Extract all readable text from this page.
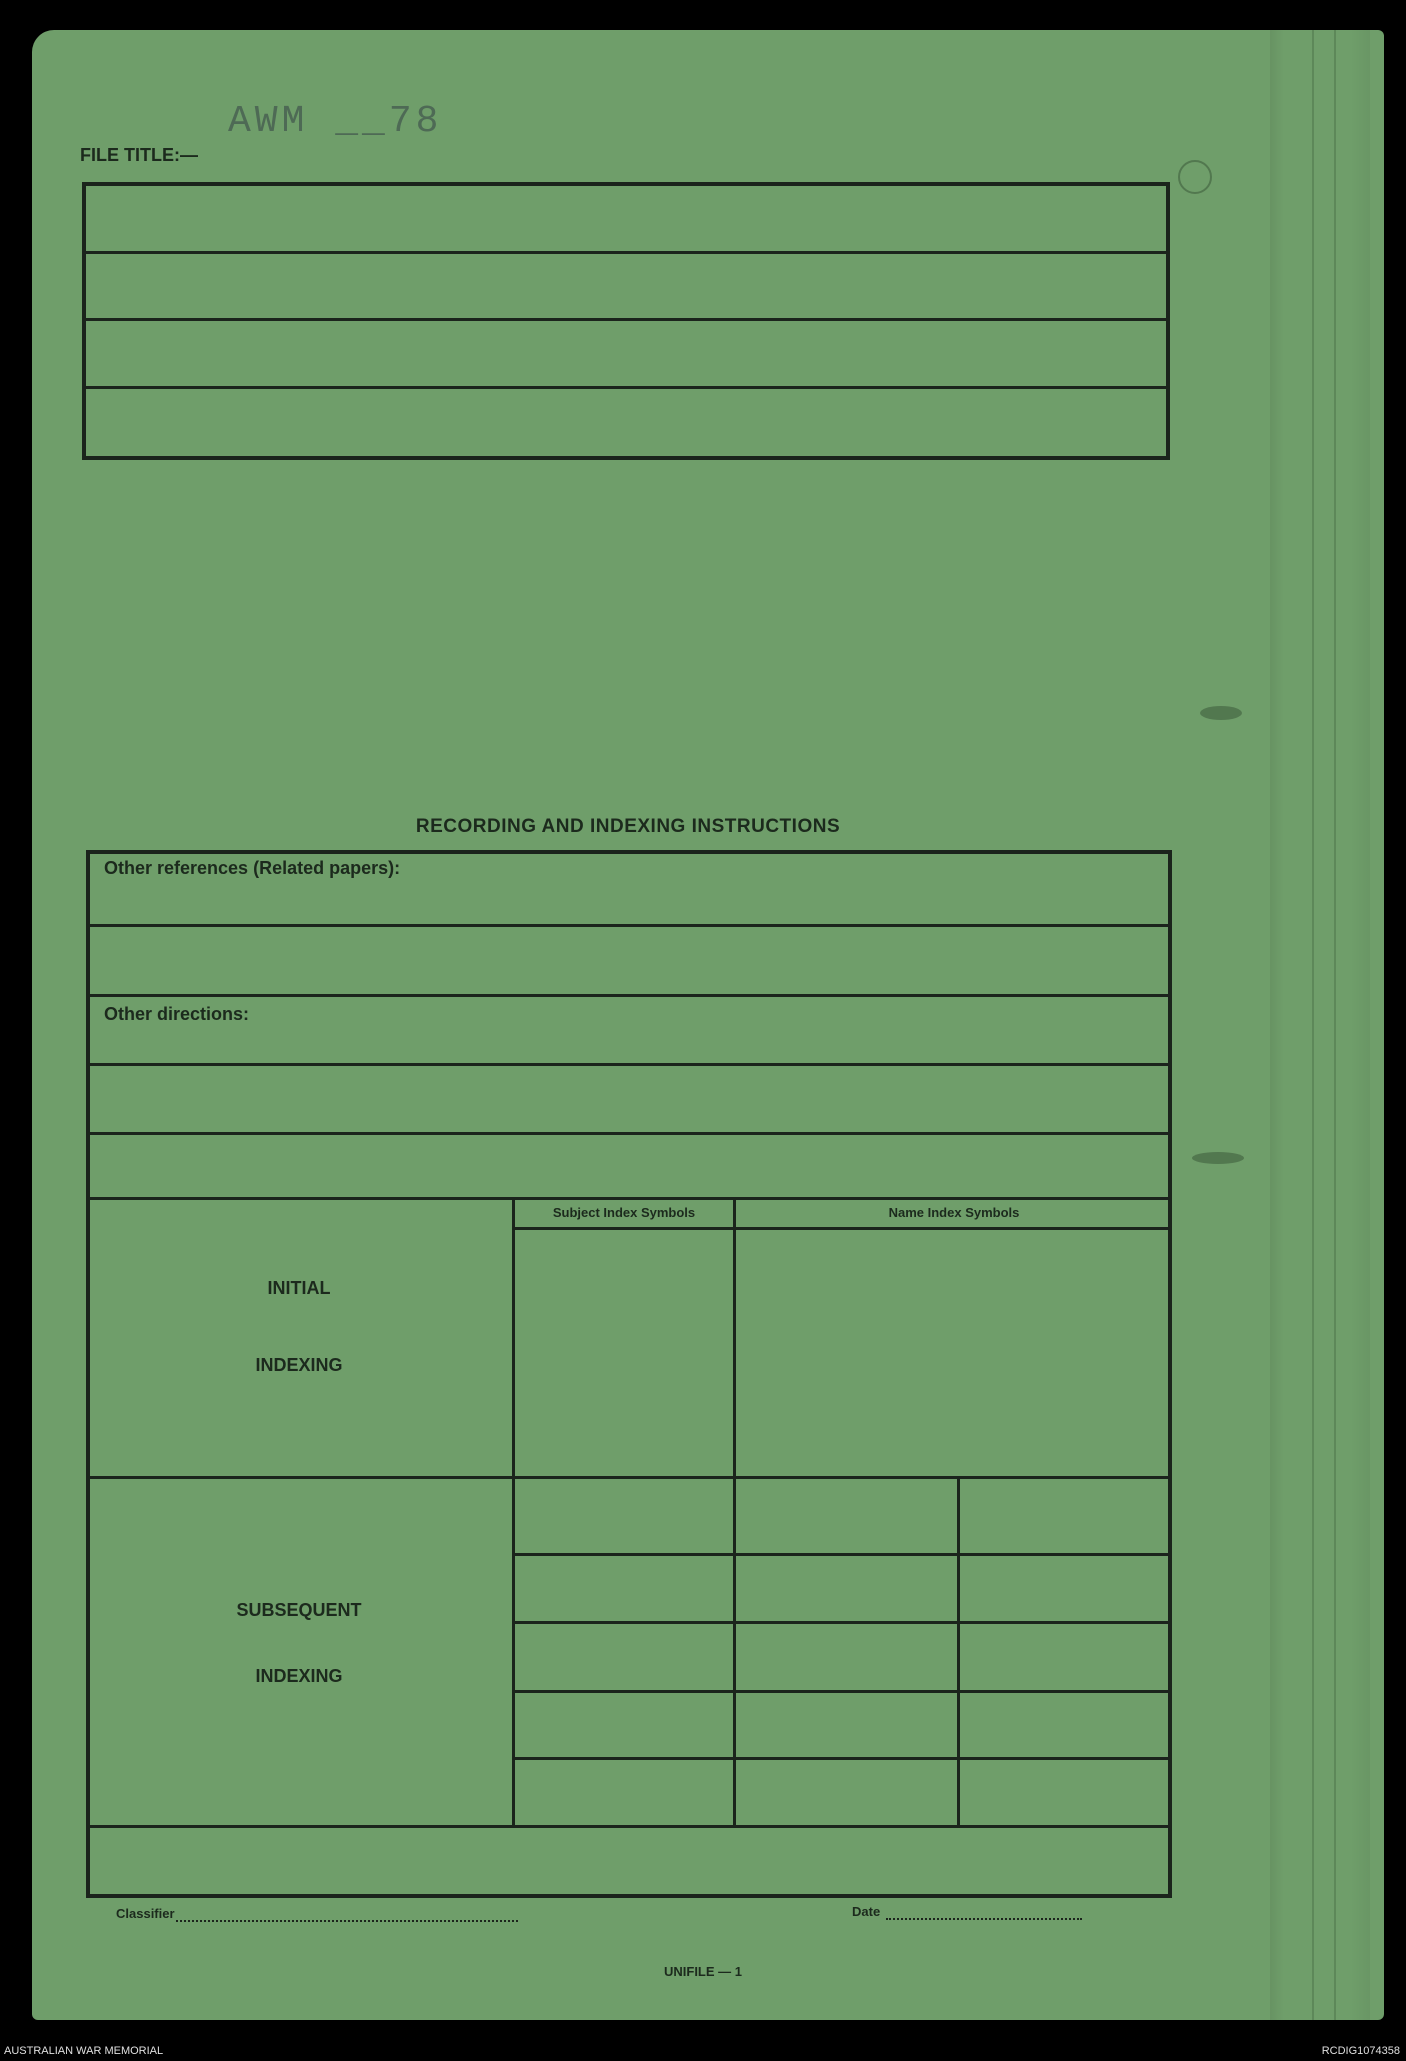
AWM __78
FILE TITLE:—
RECORDING AND INDEXING INSTRUCTIONS
Other references (Related papers):
Other directions:
Subject Index Symbols	Name Index Symbols
INITIAL
INDEXING
SUBSEQUENT
INDEXING
Classifier	Date
UNIFILE — 1
AUSTRALIAN WAR MEMORIAL	RCDIG1074358
